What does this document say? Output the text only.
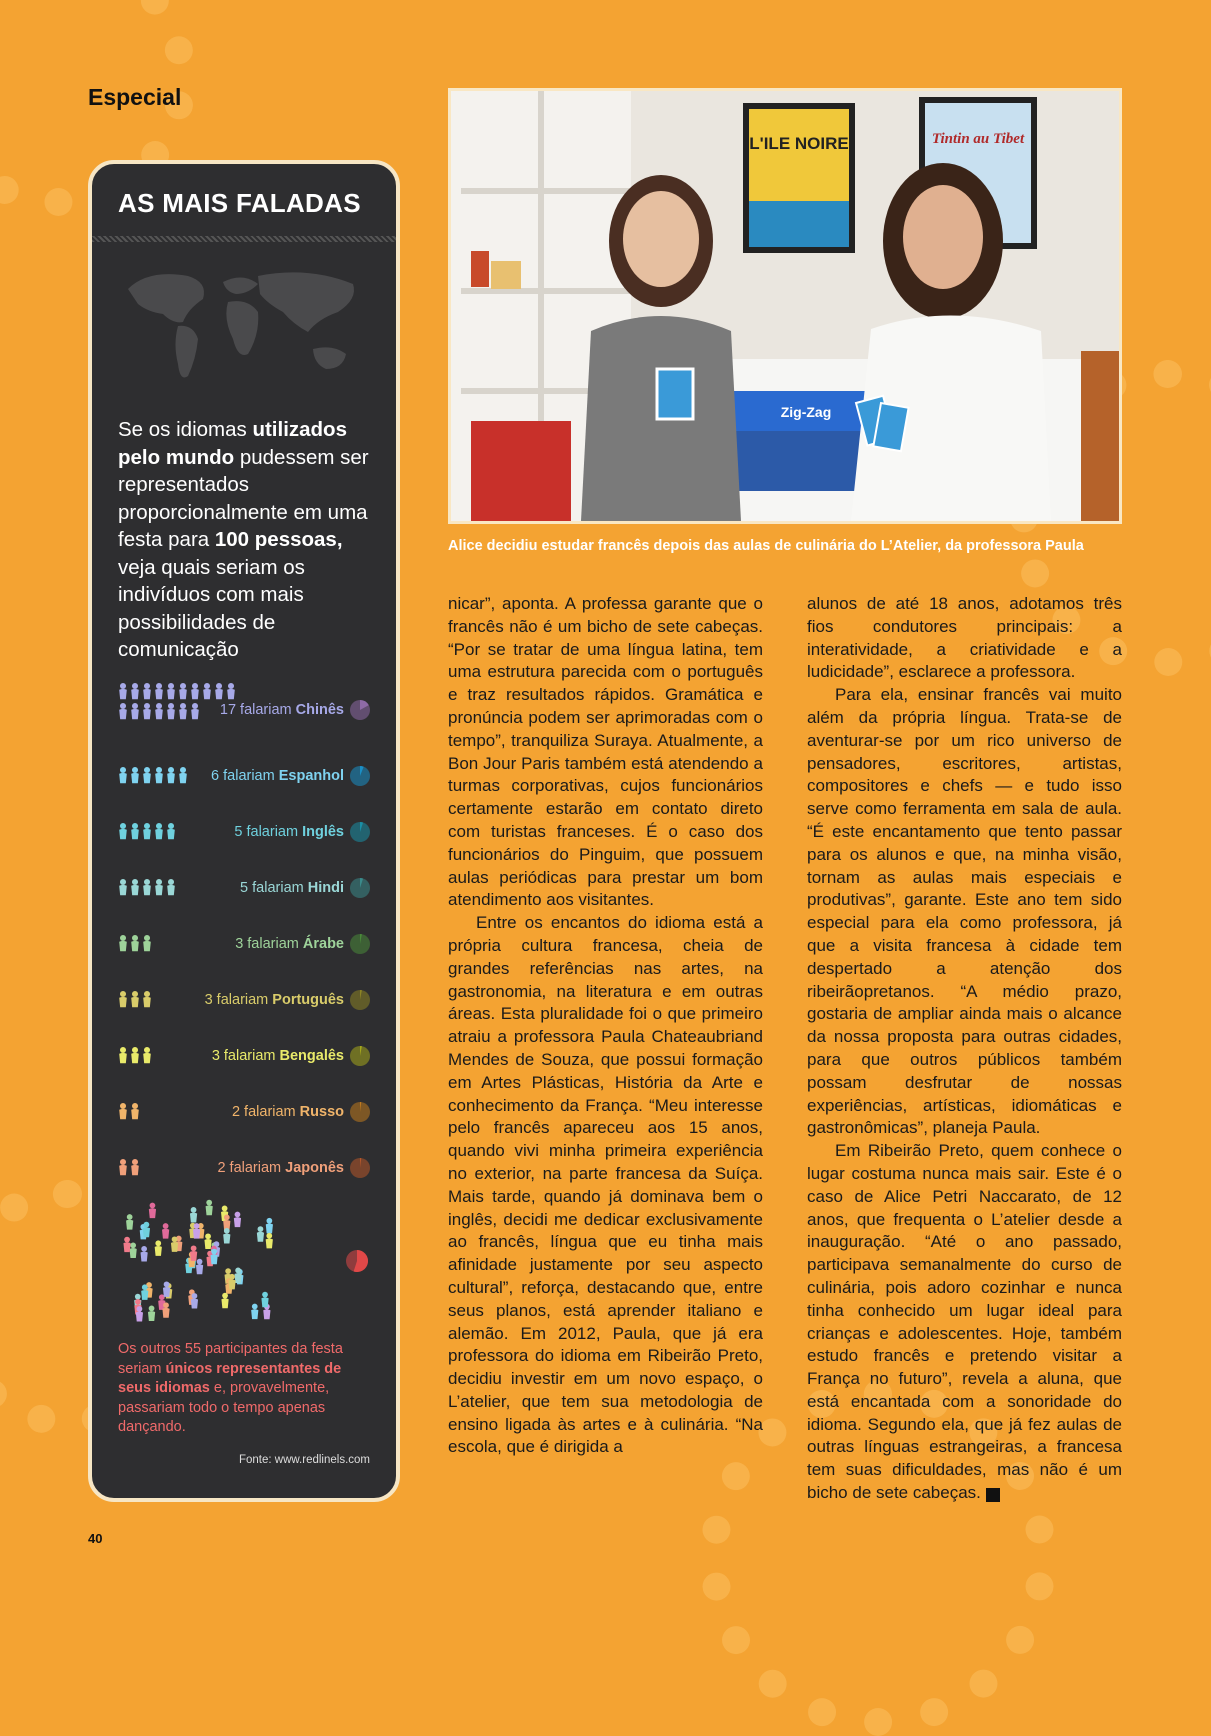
Especial
AS MAIS FALADAS
Se os idiomas utilizados pelo mundo pudessem ser representados proporcionalmente em uma festa para 100 pessoas, veja quais seriam os indivíduos com mais possibilidades de comunicação
17 falariam Chinês
6 falariam Espanhol
5 falariam Inglês
5 falariam Hindi
3 falariam Árabe
3 falariam Português
3 falariam Bengalês
2 falariam Russo
2 falariam Japonês
Os outros 55 participantes da festa seriam únicos representantes de seus idiomas e, provavelmente, passariam todo o tempo apenas dançando.
Fonte: www.redlinels.com
L'ILE NOIRE	Tintin au Tibet
Zig-Zag
Alice decidiu estudar francês depois das aulas de culinária do L’Atelier, da professora Paula

nicar”, aponta. A professa garante que o francês não é um bicho de sete cabeças. “Por se tratar de uma língua latina, tem uma estrutura parecida com o português e traz resultados rápidos. Gramática e pronúncia podem ser aprimoradas com o tempo”, tranquiliza Suraya. Atualmente, a Bon Jour Paris também está atendendo a turmas corporativas, cujos funcionários certamente estarão em contato direto com turistas franceses. É o caso dos funcionários do Pinguim, que possuem aulas periódicas para prestar um bom atendimento aos visitantes.

Entre os encantos do idioma está a própria cultura francesa, cheia de grandes referências nas artes, na gastronomia, na literatura e em outras áreas. Esta pluralidade foi o que primeiro atraiu a professora Paula Chateaubriand Mendes de Souza, que possui formação em Artes Plásticas, História da Arte e conhecimento da França. “Meu interesse pelo francês apareceu aos 15 anos, quando vivi minha primeira experiência no exterior, na parte francesa da Suíça. Mais tarde, quando já dominava bem o inglês, decidi me dedicar exclusivamente ao francês, língua que eu tinha mais afinidade justamente por seu aspecto cultural”, reforça, destacando que, entre seus planos, está aprender italiano e alemão. Em 2012, Paula, que já era professora do idioma em Ribeirão Preto, decidiu investir em um novo espaço, o L’atelier, que tem sua metodologia de ensino ligada às artes e à culinária. “Na escola, que é dirigida a

alunos de até 18 anos, adotamos três fios condutores principais: a interatividade, a criatividade e a ludicidade”, esclarece a professora.

Para ela, ensinar francês vai muito além da própria língua. Trata-se de aventurar-se por um rico universo de pensadores, escritores, artistas, compositores e chefs — e tudo isso serve como ferramenta em sala de aula. “É este encantamento que tento passar para os alunos e que, na minha visão, tornam as aulas mais especiais e produtivas”, garante. Este ano tem sido especial para ela como professora, já que a visita francesa à cidade tem despertado a atenção dos ribeirãopretanos. “A médio prazo, gostaria de ampliar ainda mais o alcance da nossa proposta para outras cidades, para que outros públicos também possam desfrutar de nossas experiências, artísticas, idiomáticas e gastronômicas”, planeja Paula.

Em Ribeirão Preto, quem conhece o lugar costuma nunca mais sair. Este é o caso de Alice Petri Naccarato, de 12 anos, que frequenta o L’atelier desde a inauguração. “Até o ano passado, participava semanalmente do curso de culinária, pois adoro cozinhar e nunca tinha conhecido um lugar ideal para crianças e adolescentes. Hoje, também estudo francês e pretendo visitar a França no futuro”, revela a aluna, que está encantada com a sonoridade do idioma. Segundo ela, que já fez aulas de outras línguas estrangeiras, a francesa tem suas dificuldades, mas não é um bicho de sete cabeças.	r

40
